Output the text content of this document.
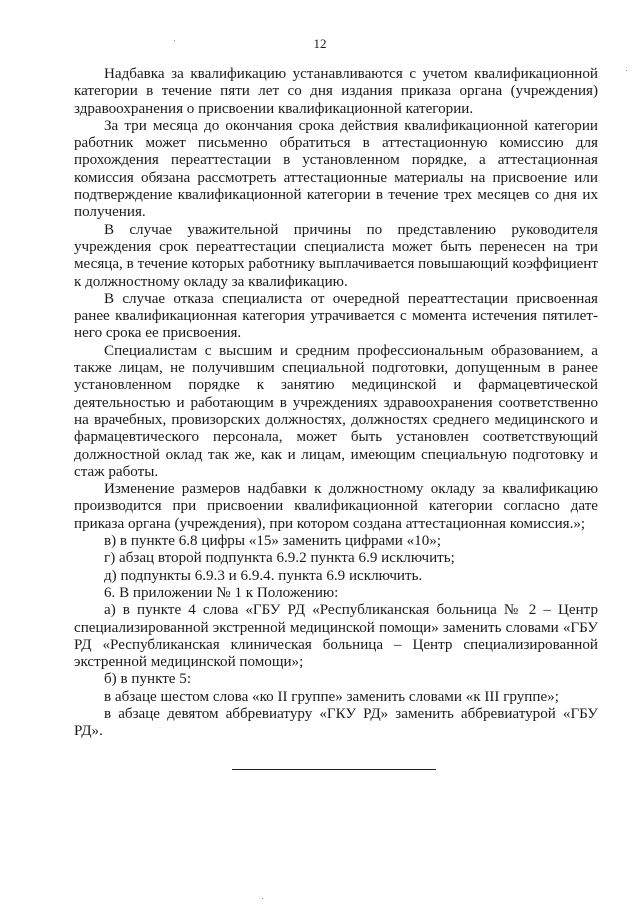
12

Надбавка за квалификацию устанавливаются с учетом квалификационной категории в течение пяти лет со дня издания приказа органа (учреждения) здравоохранения о присвоении квалификационной категории.

За три месяца до окончания срока действия квалификационной категории работник может письменно обратиться в аттестационную комиссию для прохождения переаттестации в установленном порядке, а аттестационная комиссия обязана рассмотреть аттестационные материалы на присвоение или подтверждение квалификационной категории в течение трех месяцев со дня их получения.

В случае уважительной причины по представлению руководителя учреждения срок переаттестации специалиста может быть перенесен на три месяца, в течение которых работнику выплачивается повышающий коэффициент к должностному окладу за квалификацию.

В случае отказа специалиста от очередной переаттестации присвоенная ранее квалификационная категория утрачивается с момента истечения пятилетнего срока ее присвоения.

Специалистам с высшим и средним профессиональным образованием, а также лицам, не получившим специальной подготовки, допущенным в ранее установленном порядке к занятию медицинской и фармацевтической деятельностью и работающим в учреждениях здравоохранения соответственно на врачебных, провизорских должностях, должностях среднего медицинского и фармацевтического персонала, может быть установлен соответствующий должностной оклад так же, как и лицам, имеющим специальную подготовку и стаж работы.

Изменение размеров надбавки к должностному окладу за квалификацию производится при присвоении квалификационной категории согласно дате приказа органа (учреждения), при котором создана аттестационная комиссия.»;

в) в пункте 6.8 цифры «15» заменить цифрами «10»;

г) абзац второй подпункта 6.9.2 пункта 6.9 исключить;

д) подпункты 6.9.3 и 6.9.4. пункта 6.9 исключить.

6. В приложении № 1 к Положению:

а) в пункте 4 слова «ГБУ РД «Республиканская больница № 2 – Центр специализированной экстренной медицинской помощи» заменить словами «ГБУ РД «Республиканская клиническая больница – Центр специализированной экстренной медицинской помощи»;

б) в пункте 5:

в абзаце шестом слова «ко II группе» заменить словами «к III группе»;

в абзаце девятом аббревиатуру «ГКУ РД» заменить аббревиатурой «ГБУ РД».
